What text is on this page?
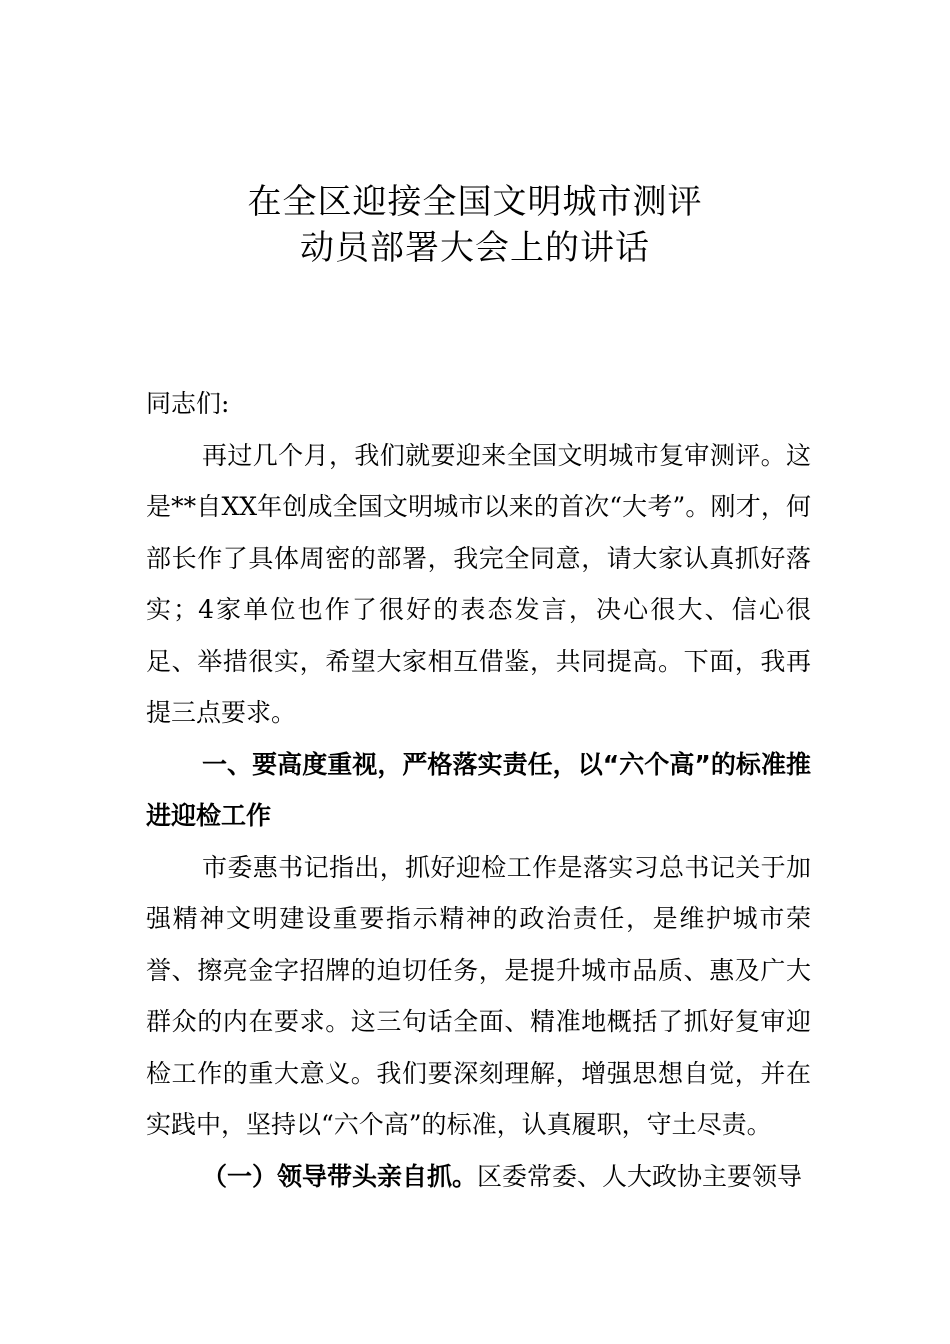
在全区迎接全国文明城市测评
动员部署大会上的讲话

同志们:

再过几个月，我们就要迎来全国文明城市复审测评。这是**自XX年创成全国文明城市以来的首次“大考”。刚才，何部长作了具体周密的部署，我完全同意，请大家认真抓好落实；4家单位也作了很好的表态发言，决心很大、信心很足、举措很实，希望大家相互借鉴，共同提高。下面，我再提三点要求。

一、要高度重视，严格落实责任，以“六个高”的标准推进迎检工作

市委惠书记指出，抓好迎检工作是落实习总书记关于加强精神文明建设重要指示精神的政治责任，是维护城市荣誉、擦亮金字招牌的迫切任务，是提升城市品质、惠及广大群众的内在要求。这三句话全面、精准地概括了抓好复审迎检工作的重大意义。我们要深刻理解，增强思想自觉，并在实践中，坚持以“六个高”的标准，认真履职，守土尽责。

（一）领导带头亲自抓。区委常委、人大政协主要领导
